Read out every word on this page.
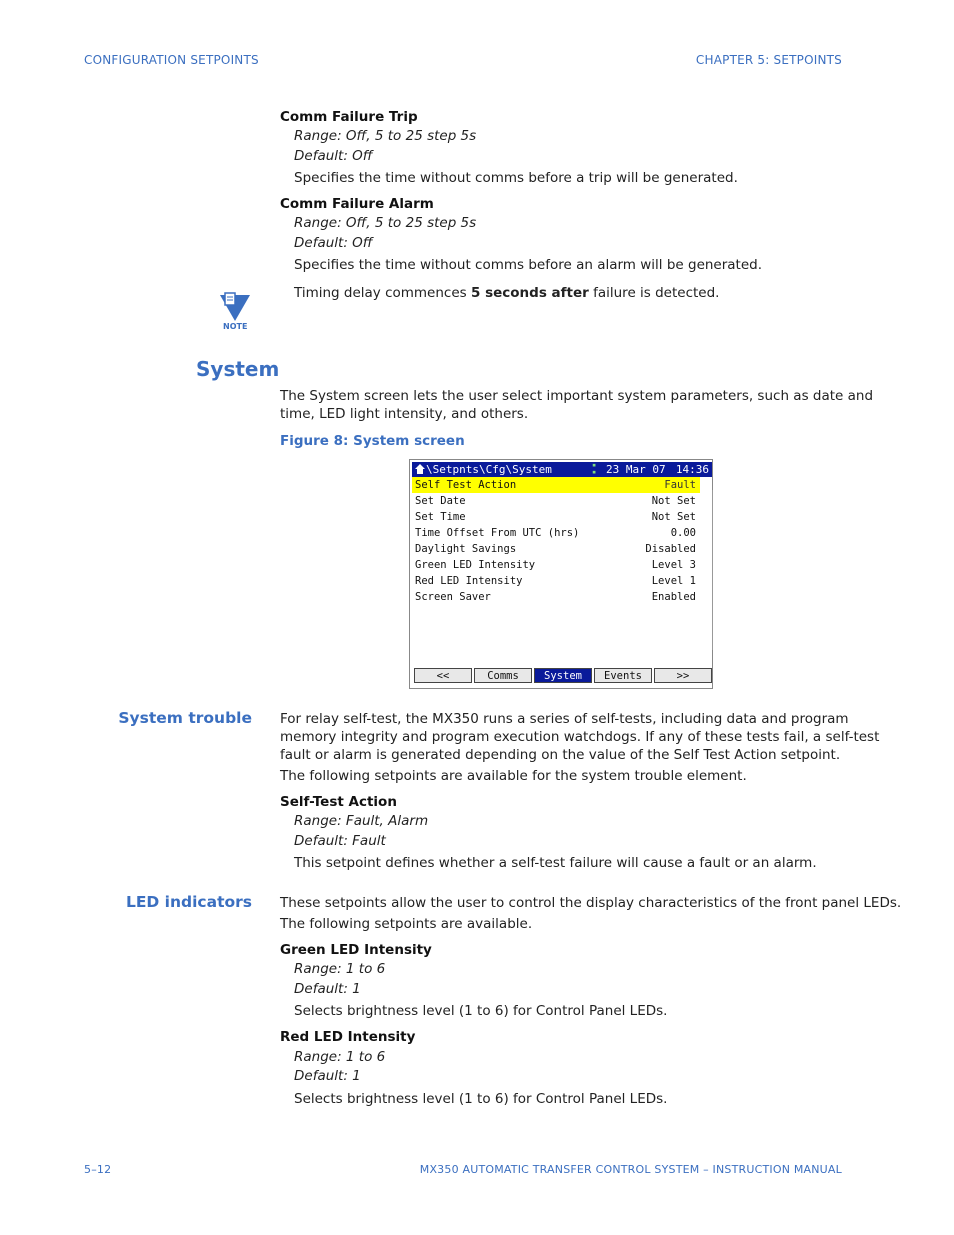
CONFIGURATION SETPOINTS	CHAPTER 5: SETPOINTS
Comm Failure Trip
Range: Off, 5 to 25 step 5s
Default: Off
Specifies the time without comms before a trip will be generated.
Comm Failure Alarm
Range: Off, 5 to 25 step 5s
Default: Off
Specifies the time without comms before an alarm will be generated.
NOTE
Timing delay commences 5 seconds after failure is detected.
System
The System screen lets the user select important system parameters, such as date and
time, LED light intensity, and others.
Figure 8: System screen
\Setpnts\Cfg\System	▪
▪ 23 Mar 07 14:36
Self Test Action	Fault
Set Date	Not Set
Set Time	Not Set
Time Offset From UTC (hrs)	0.00
Daylight Savings	Disabled
Green LED Intensity	Level 3
Red LED Intensity	Level 1
Screen Saver	Enabled
<<	Comms	System	Events	>>
System trouble For relay self-test, the MX350 runs a series of self-tests, including data and program
memory integrity and program execution watchdogs. If any of these tests fail, a self-test
fault or alarm is generated depending on the value of the Self Test Action setpoint.
The following setpoints are available for the system trouble element.
Self-Test Action
Range: Fault, Alarm
Default: Fault
This setpoint defines whether a self-test failure will cause a fault or an alarm.
LED indicators These setpoints allow the user to control the display characteristics of the front panel LEDs.
The following setpoints are available.
Green LED Intensity
Range: 1 to 6
Default: 1
Selects brightness level (1 to 6) for Control Panel LEDs.
Red LED Intensity
Range: 1 to 6
Default: 1
Selects brightness level (1 to 6) for Control Panel LEDs.
5–12	MX350 AUTOMATIC TRANSFER CONTROL SYSTEM – INSTRUCTION MANUAL
